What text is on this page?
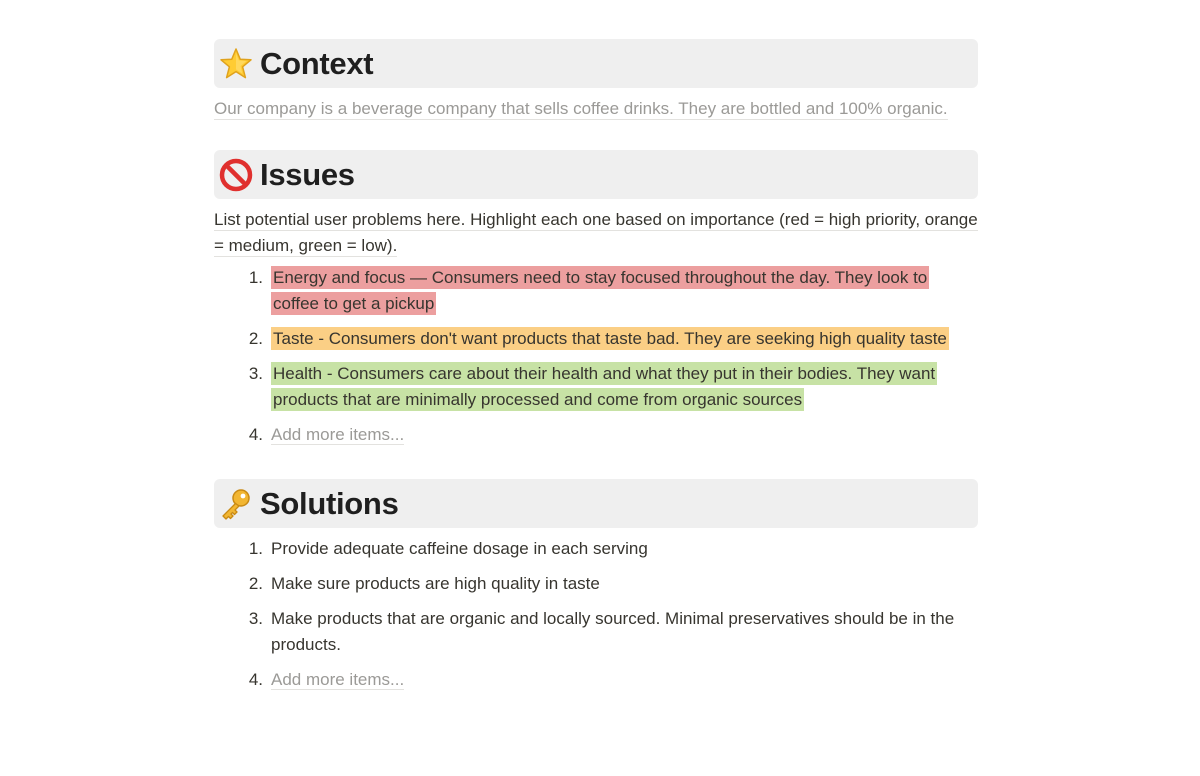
Context
Our company is a beverage company that sells coffee drinks. They are bottled and 100% organic.
Issues
List potential user problems here. Highlight each one based on importance (red = high priority, orange = medium, green = low).
1. Energy and focus — Consumers need to stay focused throughout the day. They look to coffee to get a pickup
2. Taste - Consumers don't want products that taste bad. They are seeking high quality taste
3. Health - Consumers care about their health and what they put in their bodies. They want products that are minimally processed and come from organic sources
4. Add more items...
Solutions
1. Provide adequate caffeine dosage in each serving
2. Make sure products are high quality in taste
3. Make products that are organic and locally sourced. Minimal preservatives should be in the products.
4. Add more items...
